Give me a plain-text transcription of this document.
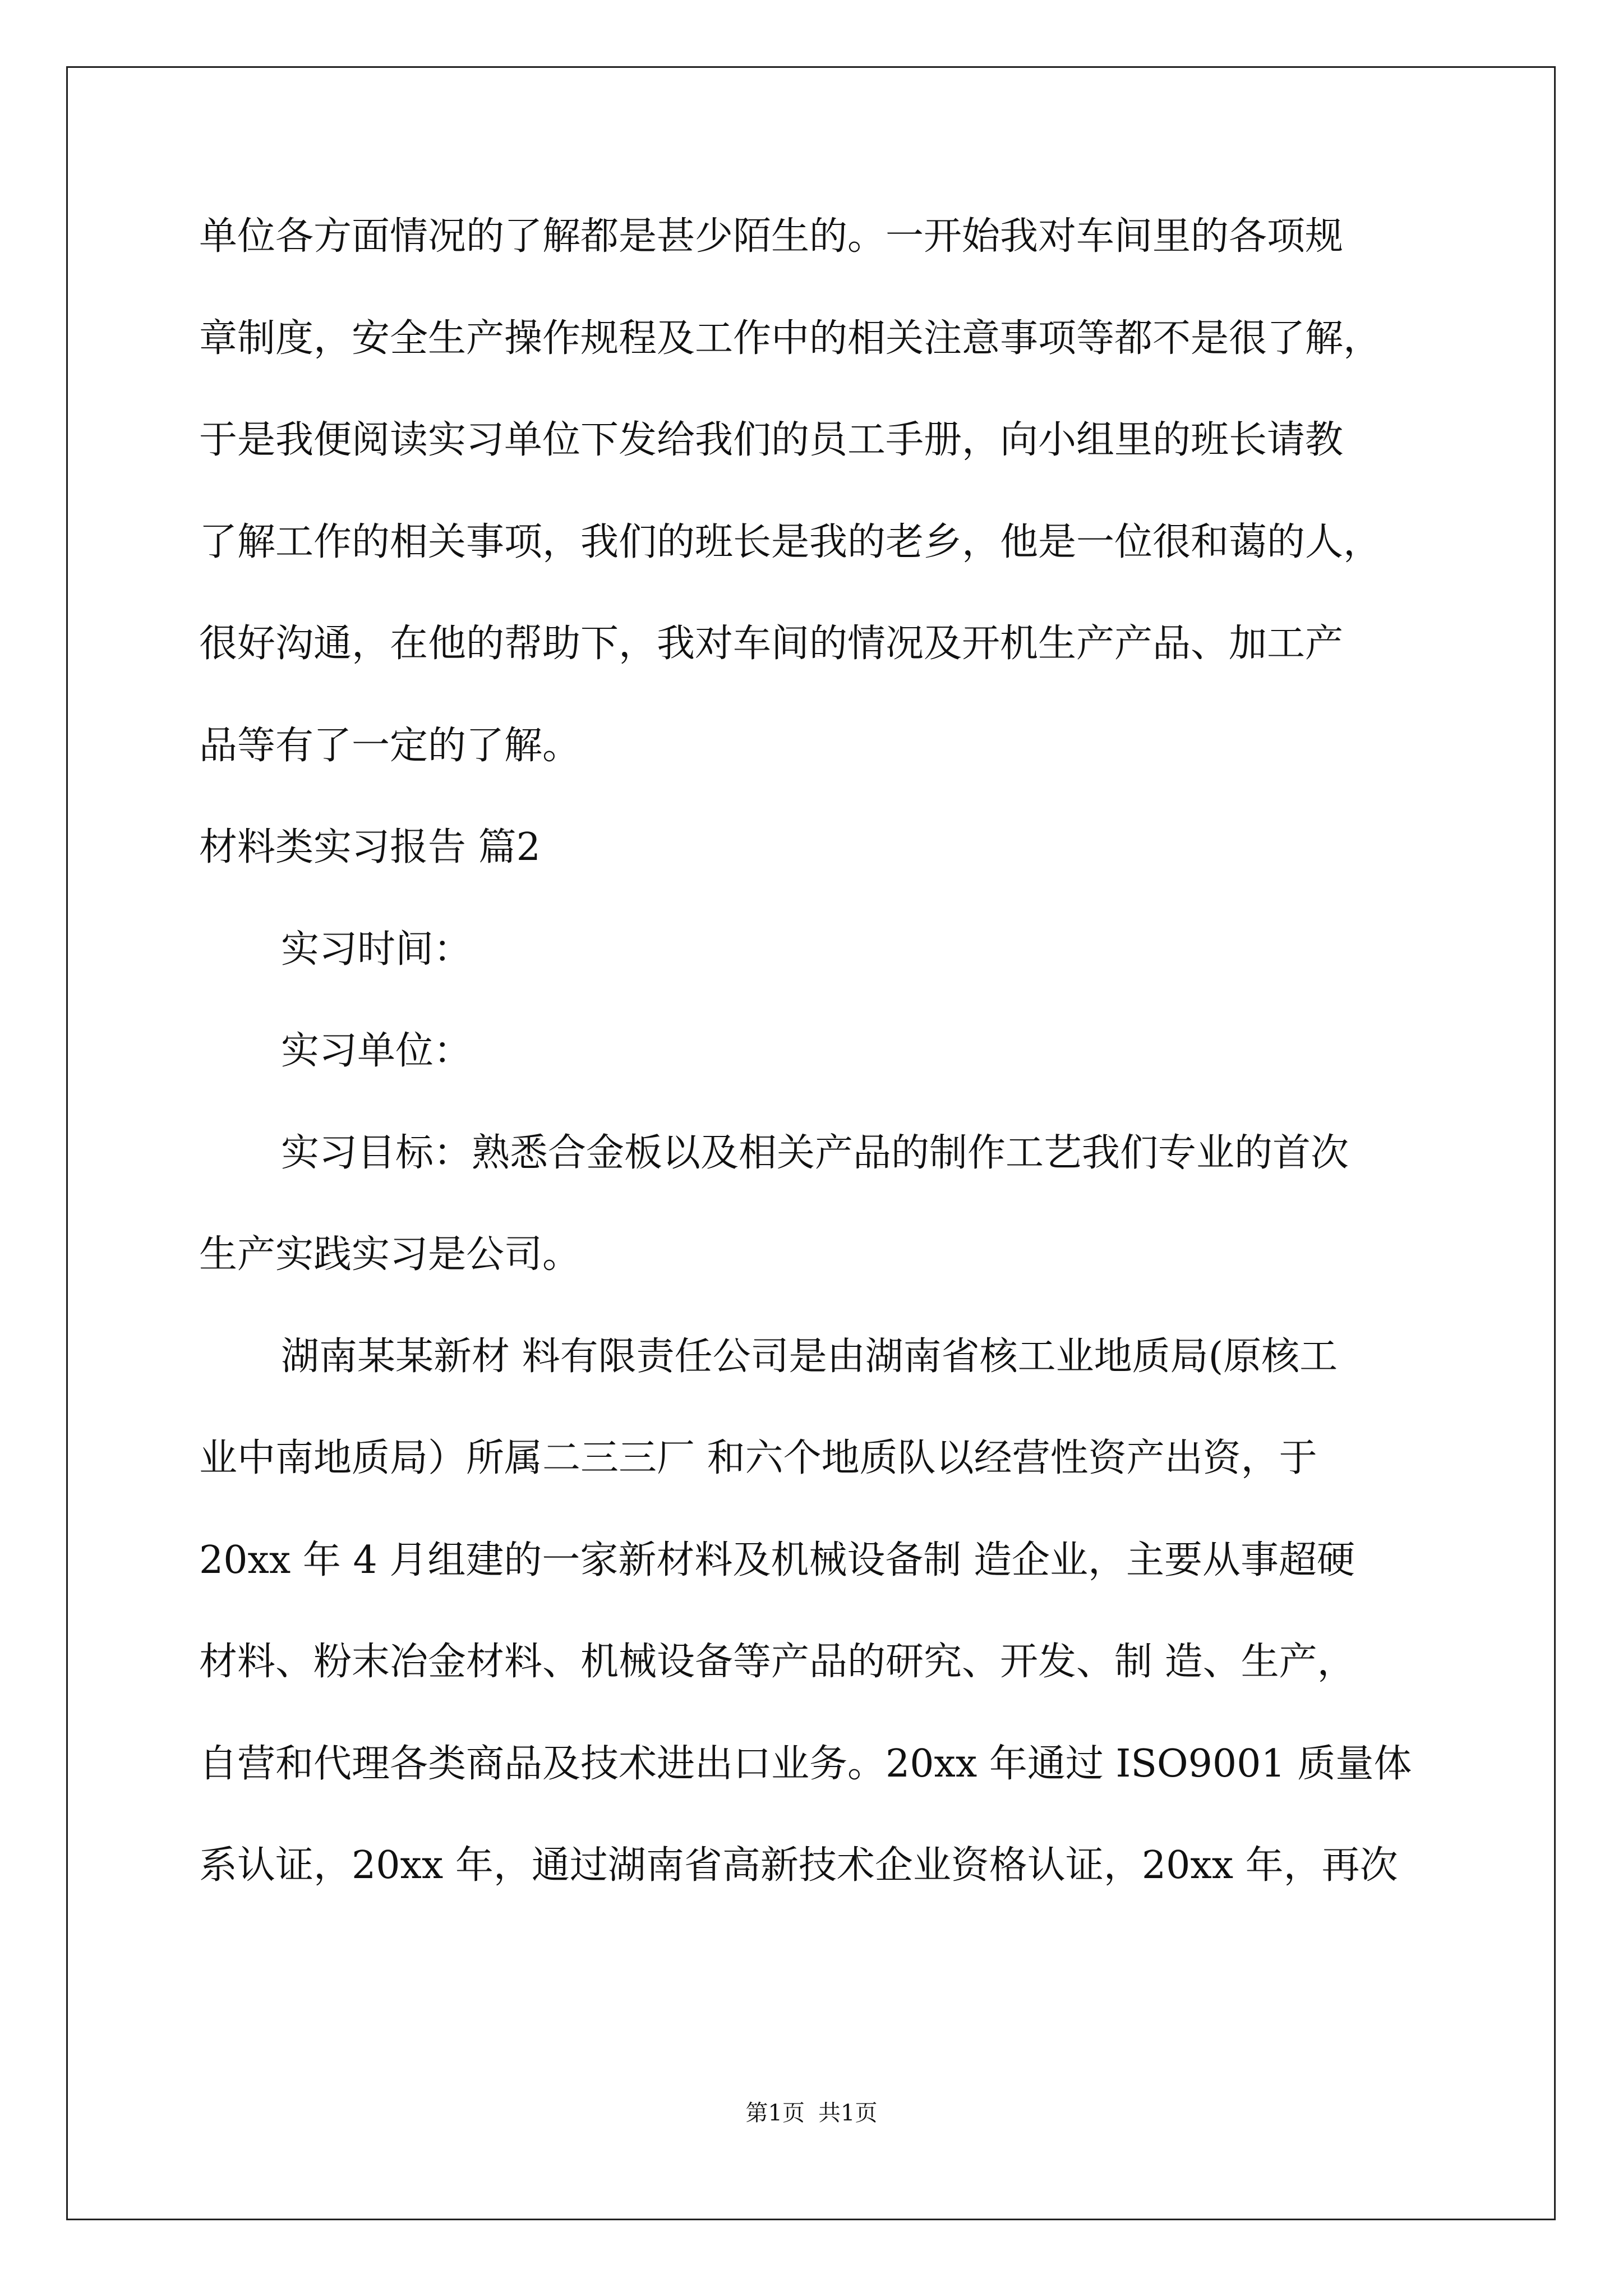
单位各方面情况的了解都是甚少陌生的。一开始我对车间里的各项规
章制度，安全生产操作规程及工作中的相关注意事项等都不是很了解，
于是我便阅读实习单位下发给我们的员工手册，向小组里的班长请教
了解工作的相关事项，我们的班长是我的老乡，他是一位很和蔼的人，
很好沟通，在他的帮助下，我对车间的情况及开机生产产品、加工产
品等有了一定的了解。
材料类实习报告 篇2
实习时间：
实习单位：
实习目标：熟悉合金板以及相关产品的制作工艺我们专业的首次
生产实践实习是公司。
湖南某某新材 料有限责任公司是由湖南省核工业地质局(原核工
业中南地质局）所属二三三厂 和六个地质队以经营性资产出资，于
20xx 年 4 月组建的一家新材料及机械设备制 造企业，主要从事超硬
材料、粉末冶金材料、机械设备等产品的研究、开发、制 造、生产，
自营和代理各类商品及技术进出口业务。20xx 年通过 ISO9001 质量体
系认证，20xx 年，通过湖南省高新技术企业资格认证，20xx 年，再次
第1页 共1页
